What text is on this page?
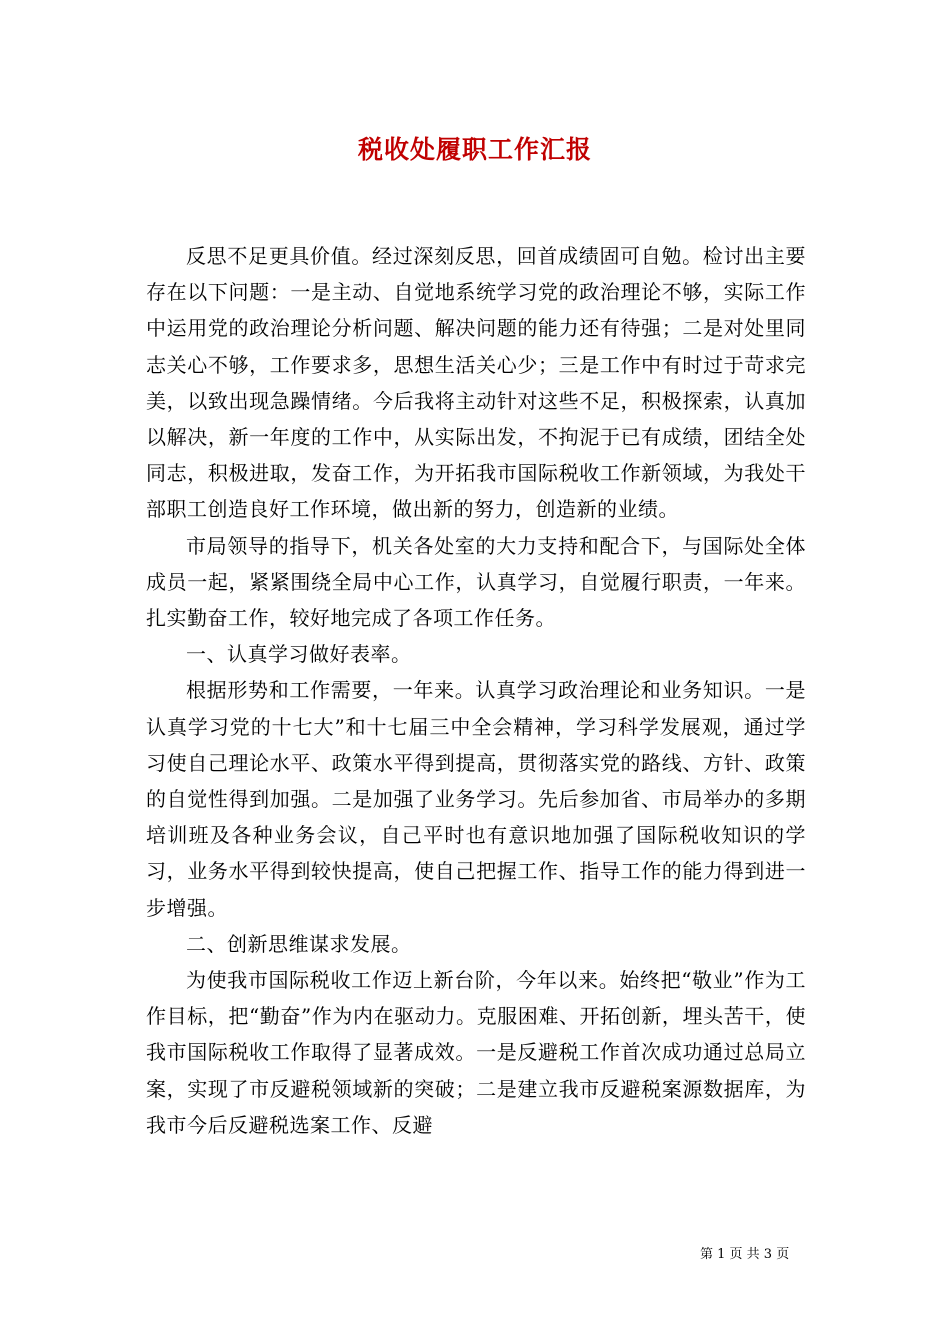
税收处履职工作汇报

反思不足更具价值。经过深刻反思，回首成绩固可自勉。检讨出主要存在以下问题：一是主动、自觉地系统学习党的政治理论不够，实际工作中运用党的政治理论分析问题、解决问题的能力还有待强；二是对处里同志关心不够，工作要求多，思想生活关心少；三是工作中有时过于苛求完美，以致出现急躁情绪。今后我将主动针对这些不足，积极探索，认真加以解决，新一年度的工作中，从实际出发，不拘泥于已有成绩，团结全处同志，积极进取，发奋工作，为开拓我市国际税收工作新领域，为我处干部职工创造良好工作环境，做出新的努力，创造新的业绩。

市局领导的指导下，机关各处室的大力支持和配合下，与国际处全体成员一起，紧紧围绕全局中心工作，认真学习，自觉履行职责，一年来。扎实勤奋工作，较好地完成了各项工作任务。

一、认真学习做好表率。

根据形势和工作需要，一年来。认真学习政治理论和业务知识。一是认真学习党的十七大”和十七届三中全会精神，学习科学发展观，通过学习使自己理论水平、政策水平得到提高，贯彻落实党的路线、方针、政策的自觉性得到加强。二是加强了业务学习。先后参加省、市局举办的多期培训班及各种业务会议，自己平时也有意识地加强了国际税收知识的学习，业务水平得到较快提高，使自己把握工作、指导工作的能力得到进一步增强。

二、创新思维谋求发展。

为使我市国际税收工作迈上新台阶，今年以来。始终把“敬业”作为工作目标，把“勤奋”作为内在驱动力。克服困难、开拓创新，埋头苦干，使我市国际税收工作取得了显著成效。一是反避税工作首次成功通过总局立案，实现了市反避税领域新的突破；二是建立我市反避税案源数据库，为我市今后反避税选案工作、反避

第 1 页 共 3 页
